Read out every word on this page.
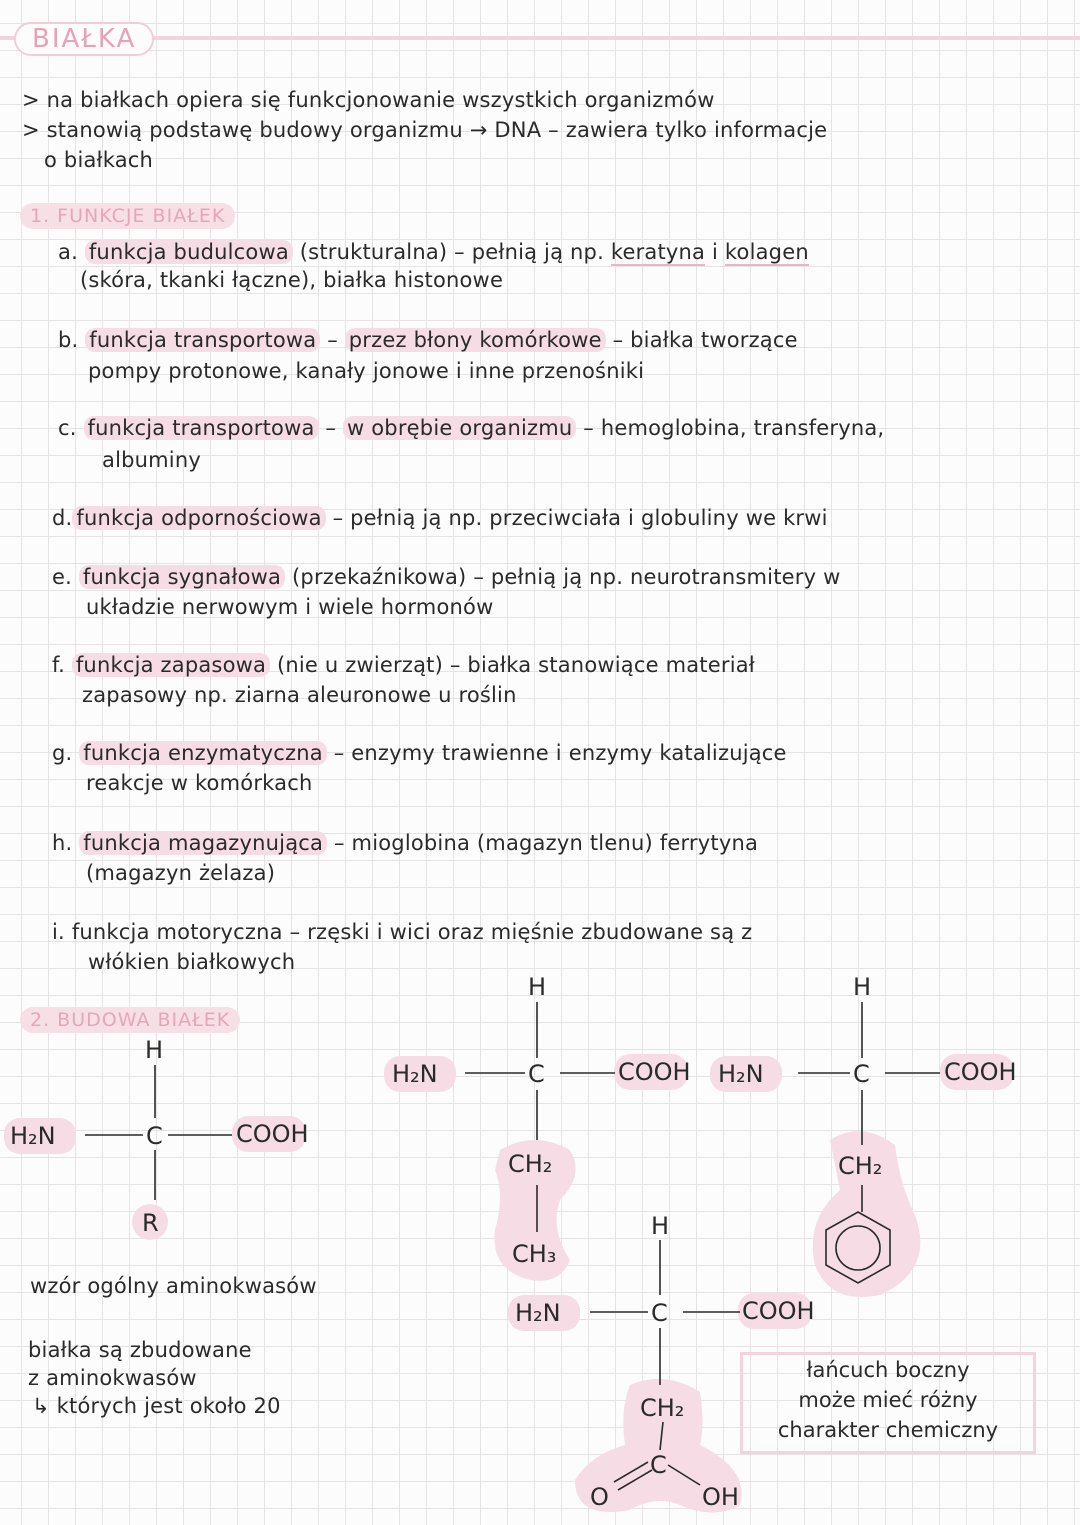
BIAŁKA
> na białkach opiera się funkcjonowanie wszystkich organizmów
> stanowią podstawę budowy organizmu → DNA – zawiera tylko informacje
o białkach
1. FUNKCJE BIAŁEK
a. funkcja budulcowa (strukturalna) – pełnią ją np. keratyna i kolagen
(skóra, tkanki łączne), białka histonowe
b. funkcja transportowa – przez błony komórkowe – białka tworzące
pompy protonowe, kanały jonowe i inne przenośniki
c. funkcja transportowa – w obrębie organizmu – hemoglobina, transferyna,
albuminy
d. funkcja odpornościowa – pełnią ją np. przeciwciała i globuliny we krwi
e. funkcja sygnałowa (przekaźnikowa) – pełnią ją np. neurotransmitery w
układzie nerwowym i wiele hormonów
f. funkcja zapasowa (nie u zwierząt) – białka stanowiące materiał
zapasowy np. ziarna aleuronowe u roślin
g. funkcja enzymatyczna – enzymy trawienne i enzymy katalizujące
reakcje w komórkach
h. funkcja magazynująca – mioglobina (magazyn tlenu) ferrytyna
(magazyn żelaza)
i. funkcja motoryczna – rzęski i wici oraz mięśnie zbudowane są z
włókien białkowych
2. BUDOWA BIAŁEK
H
H₂N	C	COOH
R
H
H₂N	C	COOH
CH₂
CH₃
H
H₂N	C	COOH
CH₂
H
H₂N	C	COOH
CH₂
C
O	OH
wzór ogólny aminokwasów
białka są zbudowane
z aminokwasów
↳ których jest około 20
łańcuch boczny
może mieć różny
charakter chemiczny
